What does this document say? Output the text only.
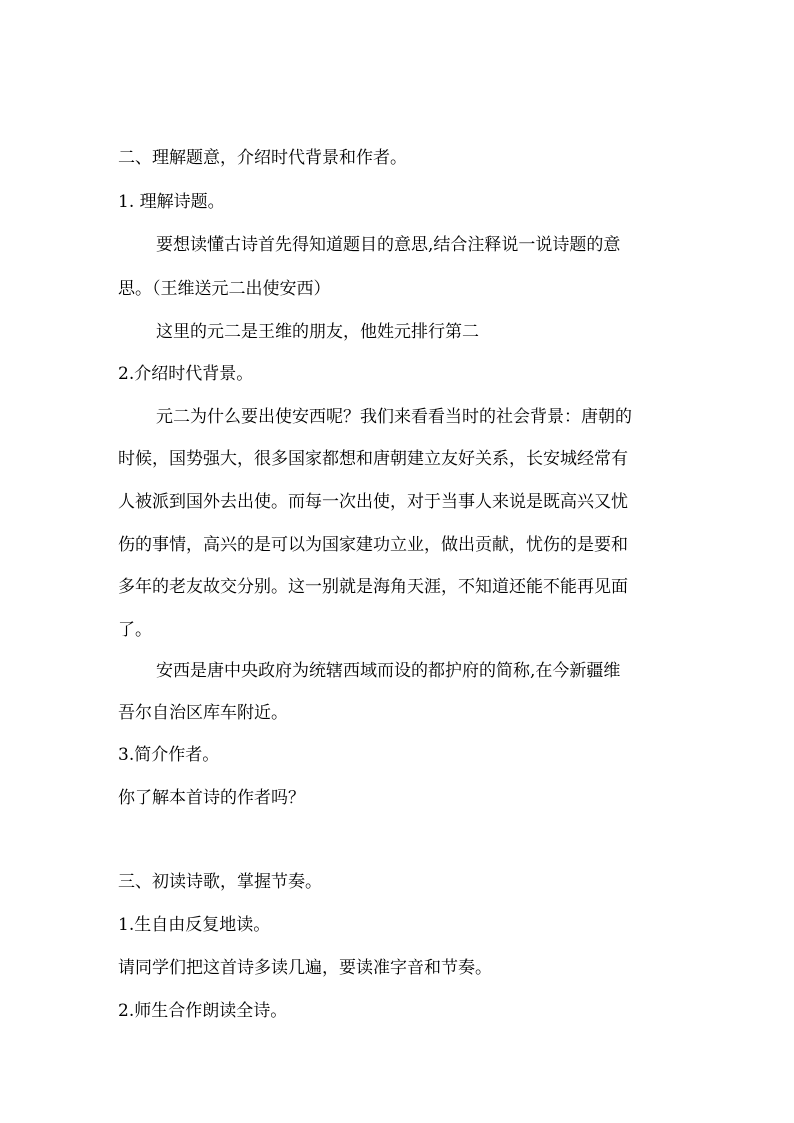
二、理解题意，介绍时代背景和作者。
1. 理解诗题。
要想读懂古诗首先得知道题目的意思,结合注释说一说诗题的意
思。（王维送元二出使安西）
这里的元二是王维的朋友，他姓元排行第二
2.介绍时代背景。
元二为什么要出使安西呢？我们来看看当时的社会背景：唐朝的
时候，国势强大，很多国家都想和唐朝建立友好关系，长安城经常有
人被派到国外去出使。而每一次出使，对于当事人来说是既高兴又忧
伤的事情，高兴的是可以为国家建功立业，做出贡献，忧伤的是要和
多年的老友故交分别。这一别就是海角天涯，不知道还能不能再见面
了。
安西是唐中央政府为统辖西域而设的都护府的简称,在今新疆维
吾尔自治区库车附近。
3.简介作者。
你了解本首诗的作者吗？
三、初读诗歌，掌握节奏。
1.生自由反复地读。
请同学们把这首诗多读几遍，要读准字音和节奏。
2.师生合作朗读全诗。
